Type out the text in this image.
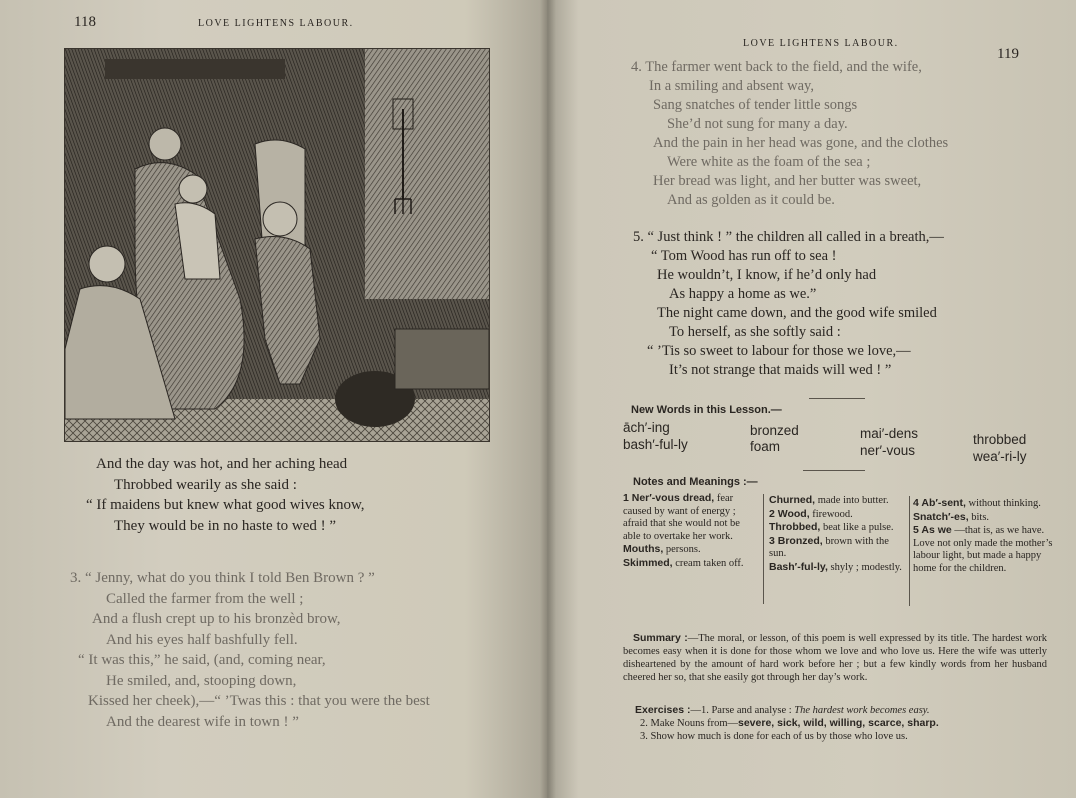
118	LOVE LIGHTENS LABOUR.
And the day was hot, and her aching head
Throbbed wearily as she said :
“ If maidens but knew what good wives know,
They would be in no haste to wed ! ”
3. “ Jenny, what do you think I told Ben Brown ? ”
Called the farmer from the well ;
And a flush crept up to his bronzèd brow,
And his eyes half bashfully fell.
“ It was this,” he said, (and, coming near,
He smiled, and, stooping down,
Kissed her cheek),—“ ’Twas this : that you were the best
And the dearest wife in town ! ”
LOVE LIGHTENS LABOUR.
119
4. The farmer went back to the field, and the wife,
In a smiling and absent way,
Sang snatches of tender little songs
She’d not sung for many a day.
And the pain in her head was gone, and the clothes
Were white as the foam of the sea ;
Her bread was light, and her butter was sweet,
And as golden as it could be.
5. “ Just think ! ” the children all called in a breath,—
“ Tom Wood has run off to sea !
He wouldn’t, I know, if he’d only had
As happy a home as we.”
The night came down, and the good wife smiled
To herself, as she softly said :
“ ’Tis so sweet to labour for those we love,—
It’s not strange that maids will wed ! ”
New Words in this Lesson.—
āch′-ing
bash′-ful-ly
bronzed
foam
mai′-dens
ner′-vous
throbbed
wea′-ri-ly
Notes and Meanings :—

1 Ner′-vous dread, fear caused by want of energy ; afraid that she would not be able to overtake her work.

Mouths, persons.

Skimmed, cream taken off.

Churned, made into butter.

2 Wood, firewood.

Throbbed, beat like a pulse.

3 Bronzed, brown with the sun.

Bash′-ful-ly, shyly ; modestly.

4 Ab′-sent, without thinking.

Snatch′-es, bits.

5 As we —that is, as we have. Love not only made the mother’s labour light, but made a happy home for the children.

Summary :—The moral, or lesson, of this poem is well expressed by its title. The hardest work becomes easy when it is done for those whom we love and who love us. Here the wife was utterly disheartened by the amount of hard work before her ; but a few kindly words from her husband cheered her so, that she easily got through her day’s work.
Exercises :—1. Parse and analyse : The hardest work becomes easy.
2. Make Nouns from—severe, sick, wild, willing, scarce, sharp.
3. Show how much is done for each of us by those who love us.
